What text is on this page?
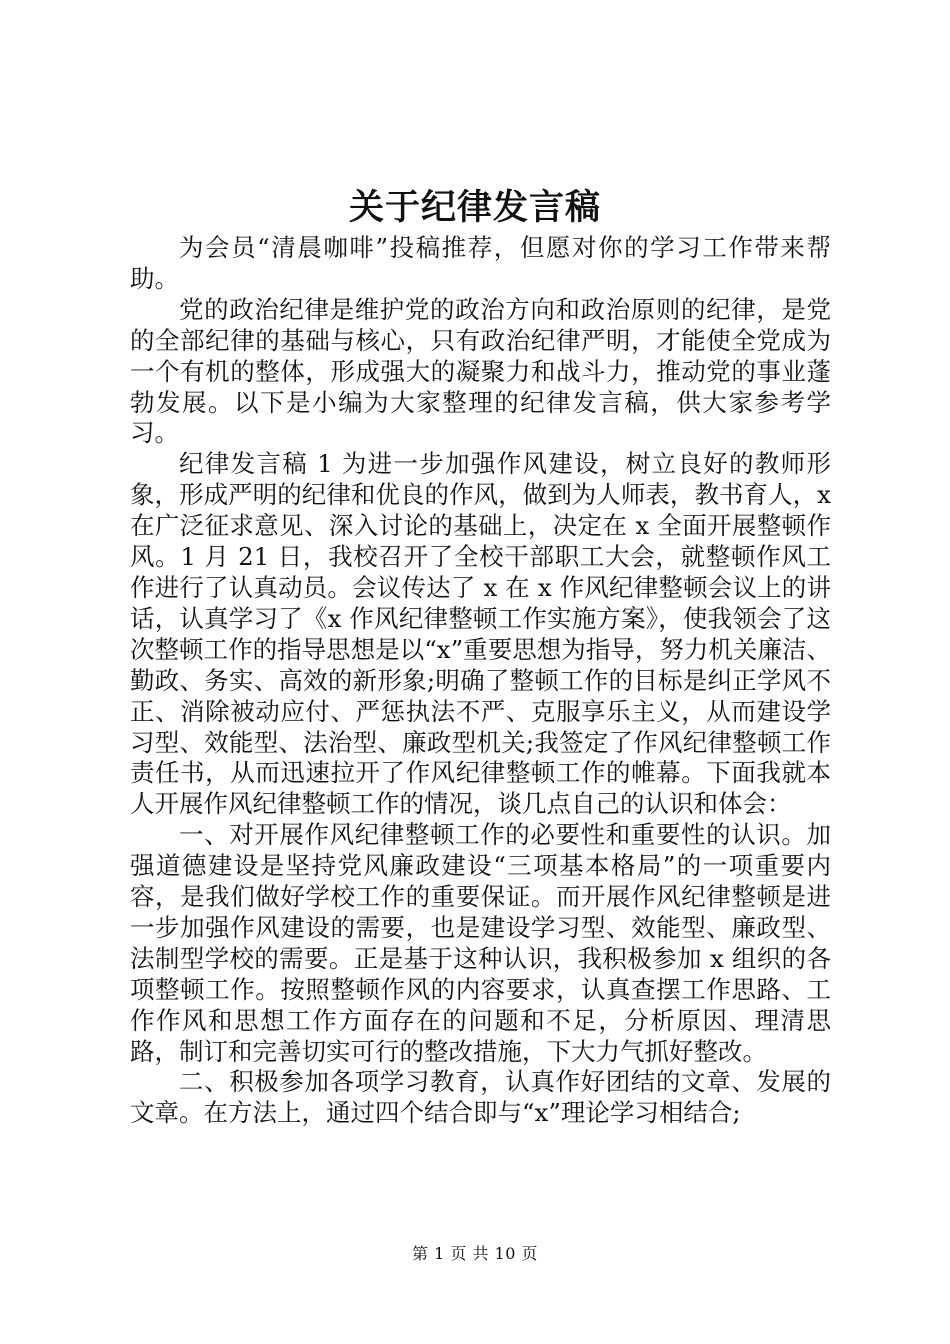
关于纪律发言稿

为会员“清晨咖啡”投稿推荐，但愿对你的学习工作带来帮助。

党的政治纪律是维护党的政治方向和政治原则的纪律，是党的全部纪律的基础与核心，只有政治纪律严明，才能使全党成为一个有机的整体，形成强大的凝聚力和战斗力，推动党的事业蓬勃发展。以下是小编为大家整理的纪律发言稿，供大家参考学习。

纪律发言稿 1 为进一步加强作风建设，树立良好的教师形象，形成严明的纪律和优良的作风，做到为人师表，教书育人，x 在广泛征求意见、深入讨论的基础上，决定在 x 全面开展整顿作风。1 月 21 日，我校召开了全校干部职工大会，就整顿作风工作进行了认真动员。会议传达了 x 在 x 作风纪律整顿会议上的讲话，认真学习了《x 作风纪律整顿工作实施方案》，使我领会了这次整顿工作的指导思想是以“x”重要思想为指导，努力机关廉洁、勤政、务实、高效的新形象;明确了整顿工作的目标是纠正学风不正、消除被动应付、严惩执法不严、克服享乐主义，从而建设学习型、效能型、法治型、廉政型机关;我签定了作风纪律整顿工作责任书，从而迅速拉开了作风纪律整顿工作的帷幕。下面我就本人开展作风纪律整顿工作的情况，谈几点自己的认识和体会：

一、对开展作风纪律整顿工作的必要性和重要性的认识。加强道德建设是坚持党风廉政建设“三项基本格局”的一项重要内容，是我们做好学校工作的重要保证。而开展作风纪律整顿是进一步加强作风建设的需要，也是建设学习型、效能型、廉政型、法制型学校的需要。正是基于这种认识，我积极参加 x 组织的各项整顿工作。按照整顿作风的内容要求，认真查摆工作思路、工作作风和思想工作方面存在的问题和不足，分析原因、理清思路，制订和完善切实可行的整改措施，下大力气抓好整改。

二、积极参加各项学习教育，认真作好团结的文章、发展的文章。在方法上，通过四个结合即与“x”理论学习相结合;

第 1 页 共 10 页
